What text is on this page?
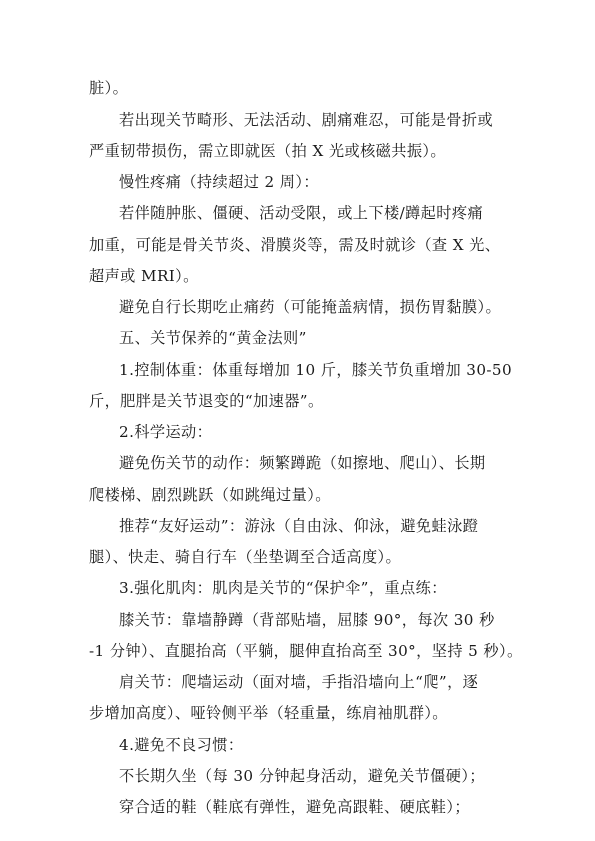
脏）。
若出现关节畸形、无法活动、剧痛难忍，可能是骨折或
严重韧带损伤，需立即就医（拍 X 光或核磁共振）。
慢性疼痛（持续超过 2 周）：
若伴随肿胀、僵硬、活动受限，或上下楼/蹲起时疼痛
加重，可能是骨关节炎、滑膜炎等，需及时就诊（查 X 光、
超声或 MRI）。
避免自行长期吃止痛药（可能掩盖病情，损伤胃黏膜）。
五、关节保养的“黄金法则”
1.控制体重：体重每增加 10 斤，膝关节负重增加 30-50
斤，肥胖是关节退变的“加速器”。
2.科学运动：
避免伤关节的动作：频繁蹲跪（如擦地、爬山）、长期
爬楼梯、剧烈跳跃（如跳绳过量）。
推荐“友好运动”：游泳（自由泳、仰泳，避免蛙泳蹬
腿）、快走、骑自行车（坐垫调至合适高度）。
3.强化肌肉：肌肉是关节的“保护伞”，重点练：
膝关节：靠墙静蹲（背部贴墙，屈膝 90°，每次 30 秒
-1 分钟）、直腿抬高（平躺，腿伸直抬高至 30°，坚持 5 秒）。
肩关节：爬墙运动（面对墙，手指沿墙向上“爬”，逐
步增加高度）、哑铃侧平举（轻重量，练肩袖肌群）。
4.避免不良习惯：
不长期久坐（每 30 分钟起身活动，避免关节僵硬）；
穿合适的鞋（鞋底有弹性，避免高跟鞋、硬底鞋）；
